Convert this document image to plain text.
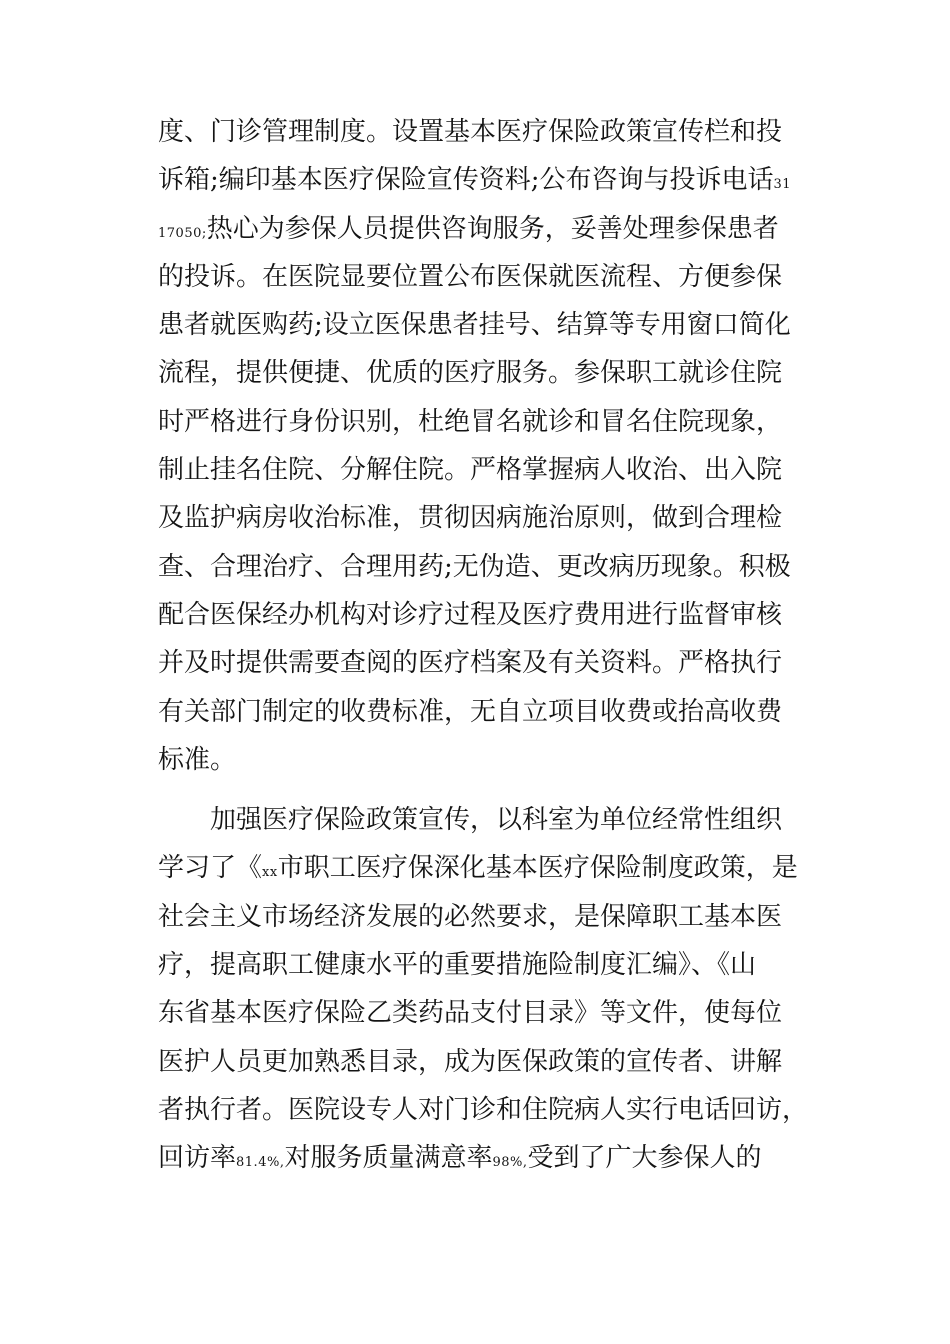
度、门诊管理制度。设置基本医疗保险政策宣传栏和投
诉箱;编印基本医疗保险宣传资料;公布咨询与投诉电话31
17050;热心为参保人员提供咨询服务，妥善处理参保患者
的投诉。在医院显要位置公布医保就医流程、方便参保
患者就医购药;设立医保患者挂号、结算等专用窗口简化
流程，提供便捷、优质的医疗服务。参保职工就诊住院
时严格进行身份识别，杜绝冒名就诊和冒名住院现象，
制止挂名住院、分解住院。严格掌握病人收治、出入院
及监护病房收治标准，贯彻因病施治原则，做到合理检
查、合理治疗、合理用药;无伪造、更改病历现象。积极
配合医保经办机构对诊疗过程及医疗费用进行监督审核
并及时提供需要查阅的医疗档案及有关资料。严格执行
有关部门制定的收费标准，无自立项目收费或抬高收费
标准。
加强医疗保险政策宣传，以科室为单位经常性组织
学习了《xx市职工医疗保深化基本医疗保险制度政策，是
社会主义市场经济发展的必然要求，是保障职工基本医
疗，提高职工健康水平的重要措施险制度汇编》、《山
东省基本医疗保险乙类药品支付目录》等文件，使每位
医护人员更加熟悉目录，成为医保政策的宣传者、讲解
者执行者。医院设专人对门诊和住院病人实行电话回访，
回访率81.4%,对服务质量满意率98%,受到了广大参保人的
